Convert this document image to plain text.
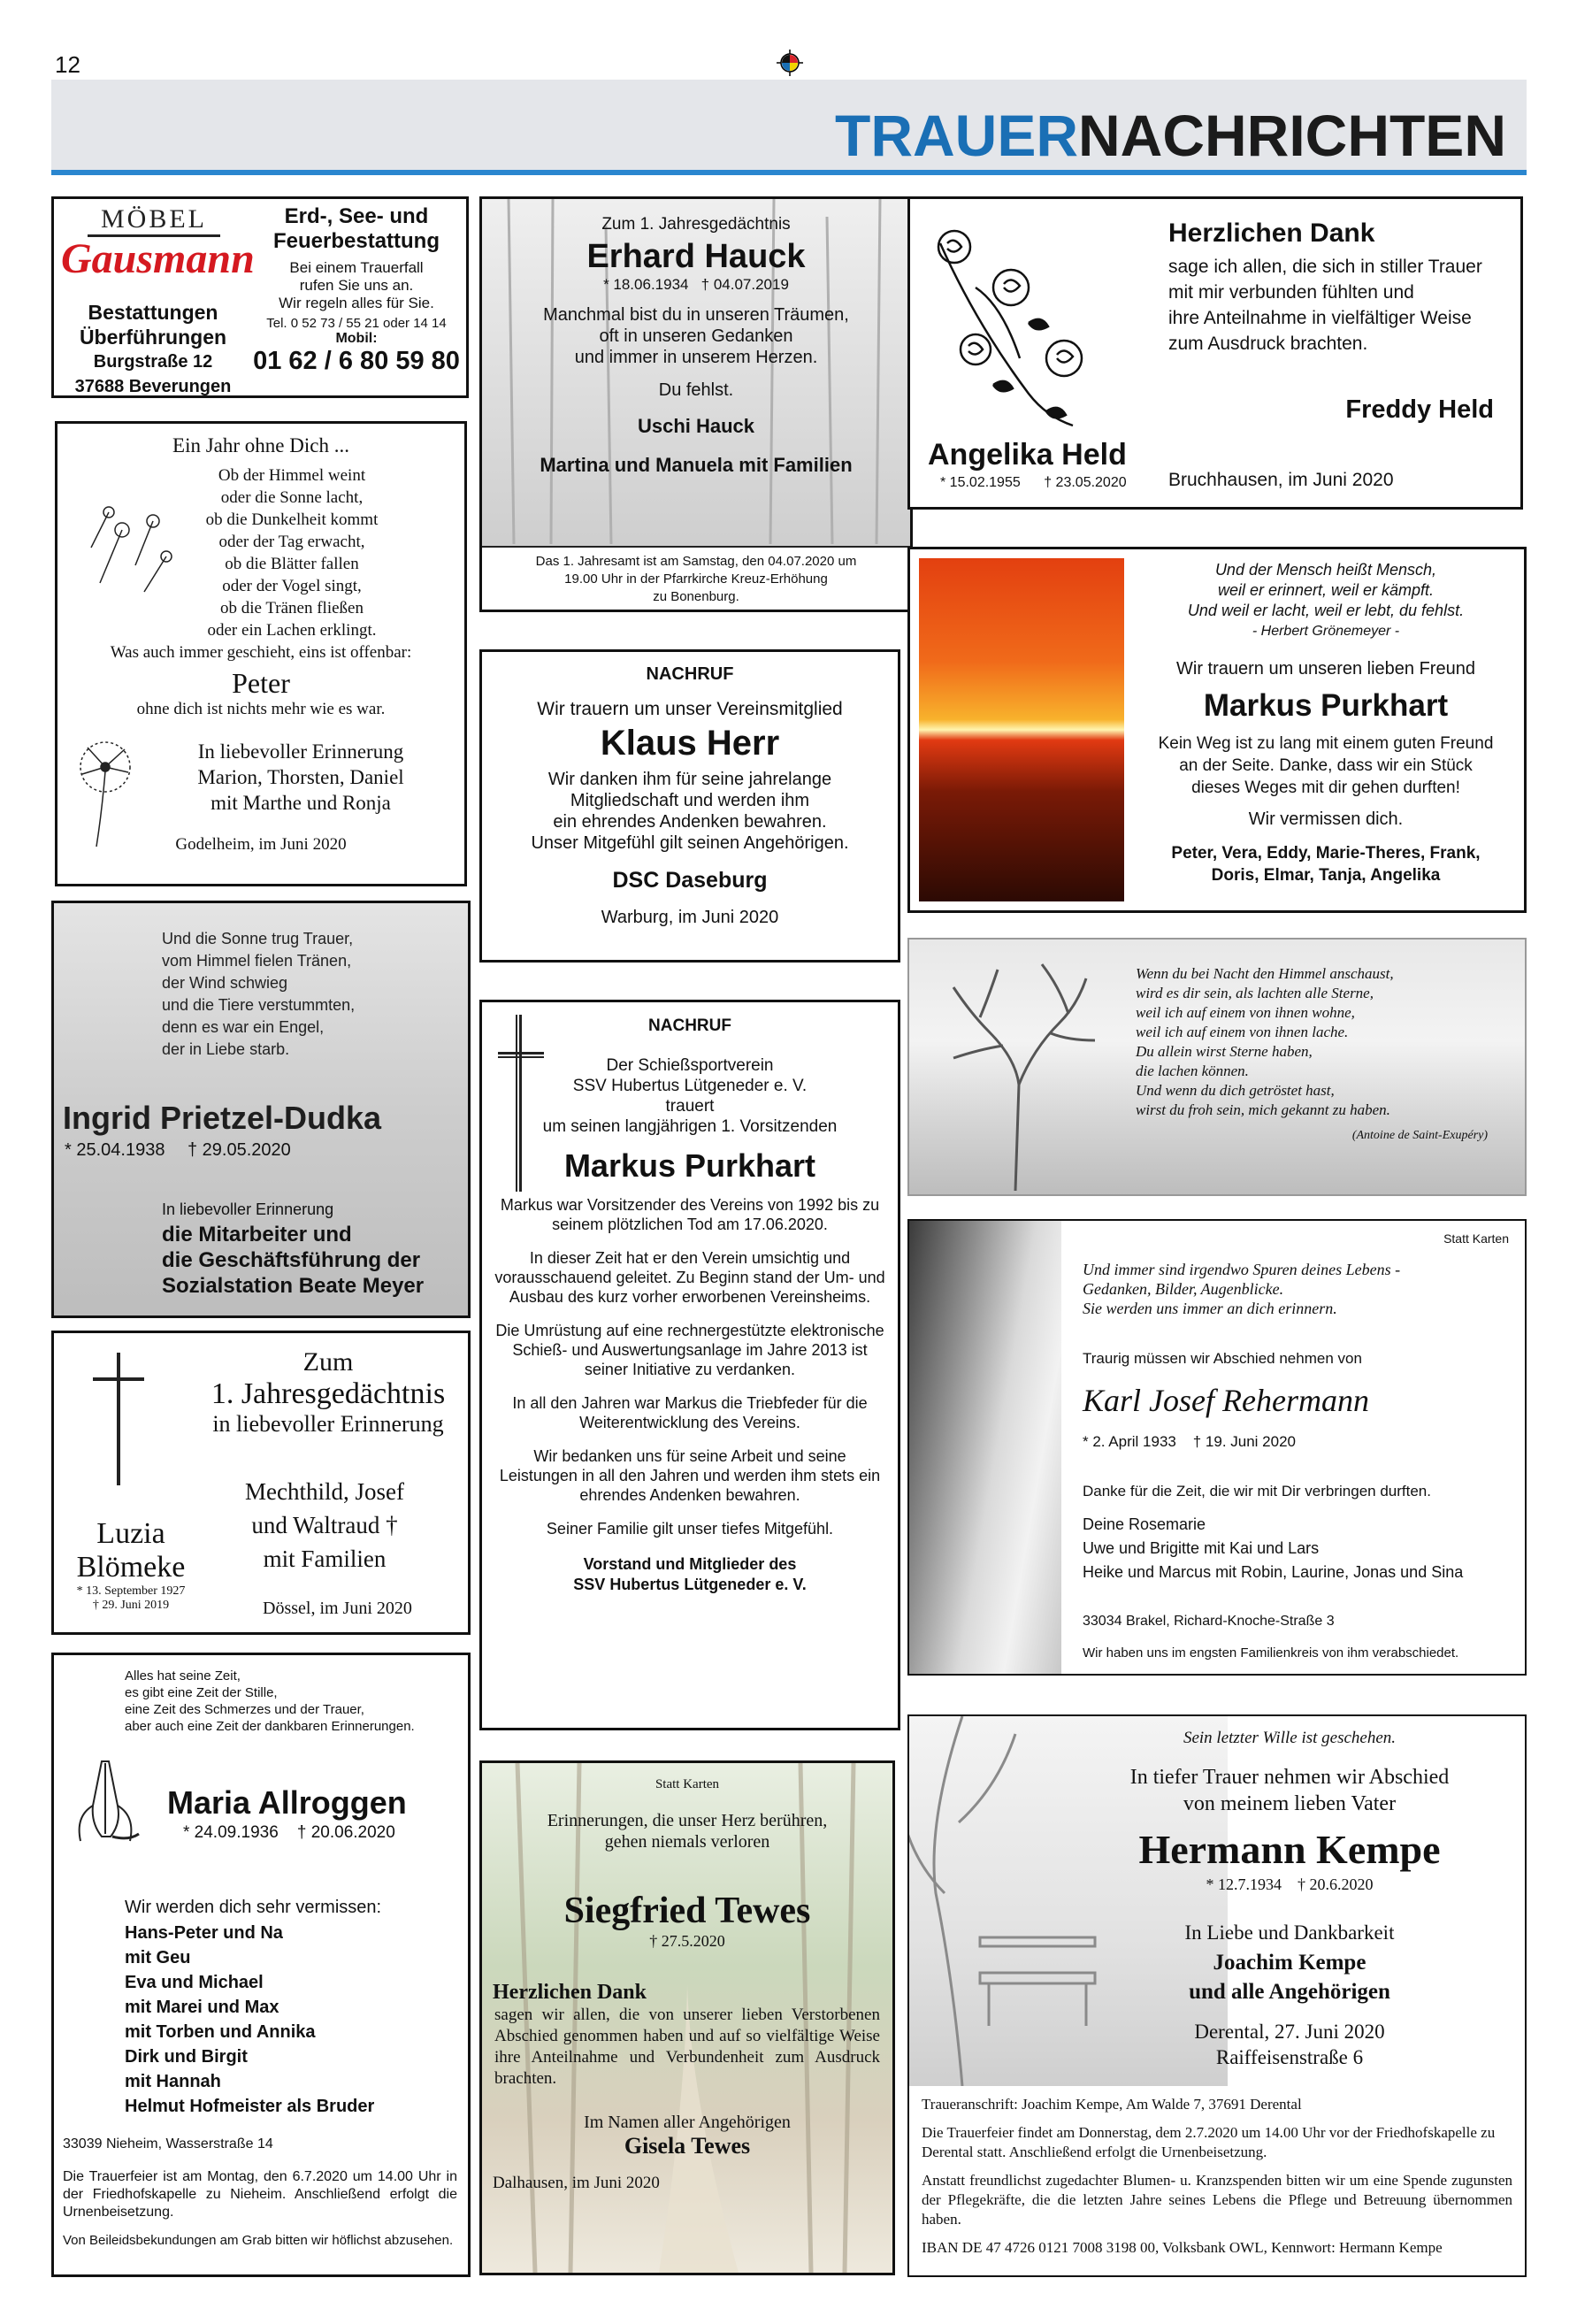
12
TRAUERNACHRICHTEN
MÖBEL
Gausmann
Bestattungen
Überführungen
Burgstraße 12
37688 Beverungen
Erd-, See- und Feuerbestattung
Bei einem Trauerfall
rufen Sie uns an.
Wir regeln alles für Sie.
Tel. 0 52 73 / 55 21 oder 14 14
Mobil:
01 62 / 6 80 59 80
Ein Jahr ohne Dich ...
Ob der Himmel weint
oder die Sonne lacht,
ob die Dunkelheit kommt
oder der Tag erwacht,
ob die Blätter fallen
oder der Vogel singt,
ob die Tränen fließen
oder ein Lachen erklingt.
Was auch immer geschieht, eins ist offenbar:
Peter
ohne dich ist nichts mehr wie es war.
In liebevoller Erinnerung
Marion, Thorsten, Daniel
mit Marthe und Ronja
Godelheim, im Juni 2020
Und die Sonne trug Trauer,
vom Himmel fielen Tränen,
der Wind schwieg
und die Tiere verstummten,
denn es war ein Engel,
der in Liebe starb.
Ingrid Prietzel-Dudka
* 25.04.1938 † 29.05.2020
In liebevoller Erinnerung
die Mitarbeiter und
die Geschäftsführung der
Sozialstation Beate Meyer
Luzia
Blömeke
* 13. September 1927
† 29. Juni 2019
Zum
1. Jahresgedächtnis
in liebevoller Erinnerung
Mechthild, Josef
und Waltraud †
mit Familien
Dössel, im Juni 2020
Alles hat seine Zeit,
es gibt eine Zeit der Stille,
eine Zeit des Schmerzes und der Trauer,
aber auch eine Zeit der dankbaren Erinnerungen.
Maria Allroggen
* 24.09.1936    † 20.06.2020
Wir werden dich sehr vermissen:
Hans-Peter und Na
mit Geu
Eva und Michael
mit Marei und Max
mit Torben und Annika
Dirk und Birgit
mit Hannah
Helmut Hofmeister als Bruder
33039 Nieheim, Wasserstraße 14
Die Trauerfeier ist am Montag, den 6.7.2020 um 14.00 Uhr in der Friedhofskapelle zu Nieheim. Anschließend erfolgt die Urnenbeisetzung.
Von Beileidsbekundungen am Grab bitten wir höflichst abzusehen.
Zum 1. Jahresgedächtnis
Erhard Hauck
* 18.06.1934   † 04.07.2019
Manchmal bist du in unseren Träumen,
oft in unseren Gedanken
und immer in unserem Herzen.
Du fehlst.
Uschi Hauck
Martina und Manuela mit Familien
Das 1. Jahresamt ist am Samstag, den 04.07.2020 um
19.00 Uhr in der Pfarrkirche Kreuz-Erhöhung
zu Bonenburg.
NACHRUF
Wir trauern um unser Vereinsmitglied
Klaus Herr
Wir danken ihm für seine jahrelange
Mitgliedschaft und werden ihm
ein ehrendes Andenken bewahren.
Unser Mitgefühl gilt seinen Angehörigen.
DSC Daseburg
Warburg, im Juni 2020
NACHRUF
Der Schießsportverein
SSV Hubertus Lütgeneder e. V.
trauert
um seinen langjährigen 1. Vorsitzenden
Markus Purkhart
Markus war Vorsitzender des Vereins von 1992 bis zu seinem plötzlichen Tod am 17.06.2020.
In dieser Zeit hat er den Verein umsichtig und vorausschauend geleitet. Zu Beginn stand der Um- und Ausbau des kurz vorher erworbenen Vereinsheims.
Die Umrüstung auf eine rechnergestützte elektronische Schieß- und Auswertungsanlage im Jahre 2013 ist seiner Initiative zu verdanken.
In all den Jahren war Markus die Triebfeder für die Weiterentwicklung des Vereins.
Wir bedanken uns für seine Arbeit und seine Leistungen in all den Jahren und werden ihm stets ein ehrendes Andenken bewahren.
Seiner Familie gilt unser tiefes Mitgefühl.
Vorstand und Mitglieder des
SSV Hubertus Lütgeneder e. V.
Statt Karten
Erinnerungen, die unser Herz berühren,
gehen niemals verloren
Siegfried Tewes
† 27.5.2020
Herzlichen Dank
sagen wir allen, die von unserer lieben Verstorbenen Abschied genommen haben und auf so vielfältige Weise ihre Anteilnahme und Verbundenheit zum Ausdruck brachten.
Im Namen aller Angehörigen
Gisela Tewes
Dalhausen, im Juni 2020
Herzlichen Dank
sage ich allen, die sich in stiller Trauer
mit mir verbunden fühlten und
ihre Anteilnahme in vielfältiger Weise
zum Ausdruck brachten.
Freddy Held
Angelika Held
* 15.02.1955 † 23.05.2020 Bruchhausen, im Juni 2020
Und der Mensch heißt Mensch,
weil er erinnert, weil er kämpft.
Und weil er lacht, weil er lebt, du fehlst.
- Herbert Grönemeyer -
Wir trauern um unseren lieben Freund
Markus Purkhart
Kein Weg ist zu lang mit einem guten Freund
an der Seite. Danke, dass wir ein Stück
dieses Weges mit dir gehen durften!
Wir vermissen dich.
Peter, Vera, Eddy, Marie-Theres, Frank,
Doris, Elmar, Tanja, Angelika
Wenn du bei Nacht den Himmel anschaust,
wird es dir sein, als lachten alle Sterne,
weil ich auf einem von ihnen wohne,
weil ich auf einem von ihnen lache.
Du allein wirst Sterne haben,
die lachen können.
Und wenn du dich getröstet hast,
wirst du froh sein, mich gekannt zu haben.
(Antoine de Saint-Exupéry)
Statt Karten
Und immer sind irgendwo Spuren deines Lebens -
Gedanken, Bilder, Augenblicke.
Sie werden uns immer an dich erinnern.
Traurig müssen wir Abschied nehmen von
Karl Josef Rehermann
* 2. April 1933    † 19. Juni 2020
Danke für die Zeit, die wir mit Dir verbringen durften.
Deine Rosemarie
Uwe und Brigitte mit Kai und Lars
Heike und Marcus mit Robin, Laurine, Jonas und Sina
33034 Brakel, Richard-Knoche-Straße 3
Wir haben uns im engsten Familienkreis von ihm verabschiedet.
Sein letzter Wille ist geschehen.
In tiefer Trauer nehmen wir Abschied
von meinem lieben Vater
Hermann Kempe
* 12.7.1934    † 20.6.2020
In Liebe und Dankbarkeit
Joachim Kempe
und alle Angehörigen
Derental, 27. Juni 2020
Raiffeisenstraße 6
Traueranschrift: Joachim Kempe, Am Walde 7, 37691 Derental
Die Trauerfeier findet am Donnerstag, dem 2.7.2020 um 14.00 Uhr vor der Friedhofskapelle zu Derental statt. Anschließend erfolgt die Urnenbeisetzung.
Anstatt freundlichst zugedachter Blumen- u. Kranzspenden bitten wir um eine Spende zugunsten der Pflegekräfte, die die letzten Jahre seines Lebens die Pflege und Betreuung übernommen haben.
IBAN DE 47 4726 0121 7008 3198 00, Volksbank OWL, Kennwort: Hermann Kempe
